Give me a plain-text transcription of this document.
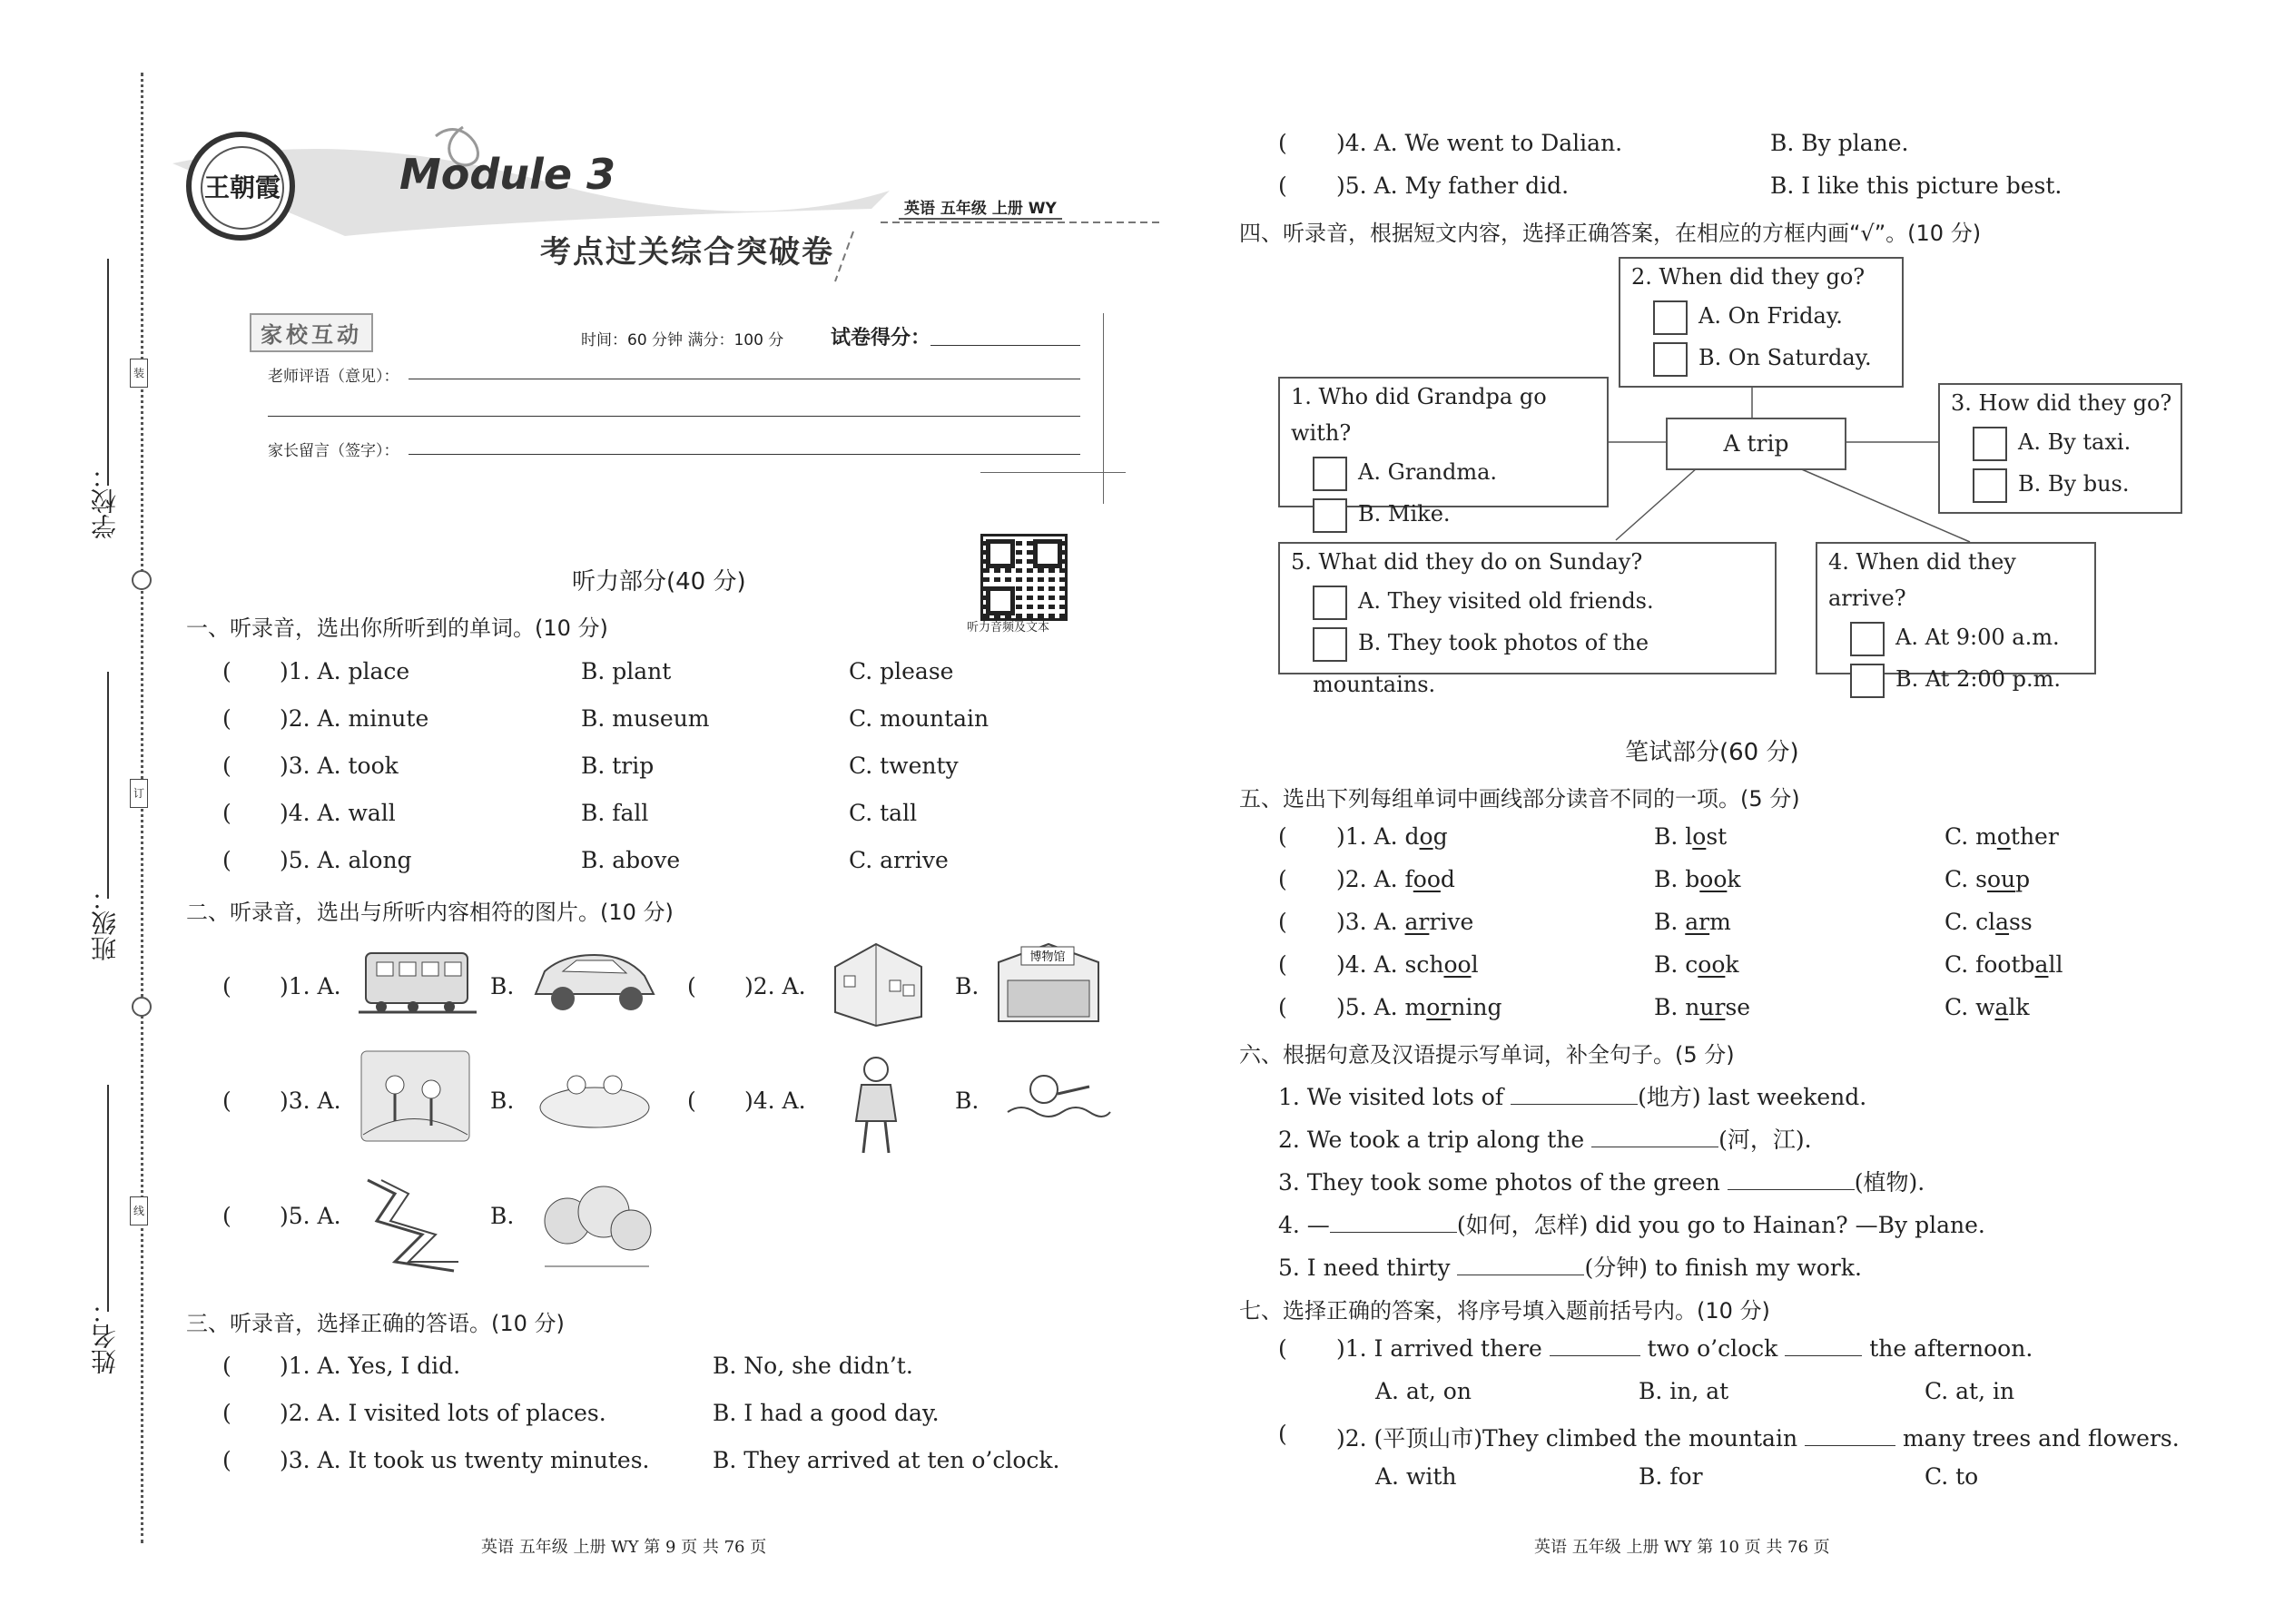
装
订
线
学校：
班级：
姓名：
王朝霞	Module 3
英语 五年级 上册 WY
考点过关综合突破卷
家校互动	时间：60 分钟 满分：100 分 试卷得分：
老师评语（意见）：
家长留言（签字）：
听力音频及文本
听力部分(40 分)
一、听录音，选出你所听到的单词。(10 分)
( )1. A. place	B. plant	C. please
( )2. A. minute	B. museum	C. mountain
( )3. A. took	B. trip	C. twenty
( )4. A. wall	B. fall	C. tall
( )5. A. along	B. above	C. arrive
二、听录音，选出与所听内容相符的图片。(10 分)
( )1. A.	B.	( )2. A.	B.
博物馆
( )3. A.	B.	( )4. A.	B.
( )5. A.	B.
三、听录音，选择正确的答语。(10 分)
( )1. A. Yes, I did.	B. No, she didn’t.
( )2. A. I visited lots of places.	B. I had a good day.
( )3. A. It took us twenty minutes.	B. They arrived at ten o’clock.
英语 五年级 上册 WY 第 9 页 共 76 页
( )4. A. We went to Dalian.	B. By plane.
( )5. A. My father did.	B. I like this picture best.
四、听录音，根据短文内容，选择正确答案，在相应的方框内画“√”。(10 分)
A trip
2. When did they go?
A. On Friday.
B. On Saturday.
1. Who did Grandpa go with?
A. Grandma.
B. Mike.
3. How did they go?
A. By taxi.
B. By bus.
5. What did they do on Sunday?
A. They visited old friends.
B. They took photos of the mountains.
4. When did they arrive?
A. At 9:00 a.m.
B. At 2:00 p.m.
笔试部分(60 分)
五、选出下列每组单词中画线部分读音不同的一项。(5 分)
( )1. A. dog	B. lost	C. mother
( )2. A. food	B. book	C. soup
( )3. A. arrive	B. arm	C. class
( )4. A. school	B. cook	C. football
( )5. A. morning	B. nurse	C. walk
六、根据句意及汉语提示写单词，补全句子。(5 分)
1. We visited lots of	(地方) last weekend.
2. We took a trip along the	(河，江).
3. They took some photos of the green	(植物).
4. —	(如何，怎样) did you go to Hainan? —By plane.
5. I need thirty	(分钟) to finish my work.
七、选择正确的答案，将序号填入题前括号内。(10 分)
( )1. I arrived there	two o’clock	the afternoon.
A. at, on	B. in, at	C. at, in
( )2. (平顶山市)They climbed the mountain	many trees and flowers.
A. with	B. for	C. to
英语 五年级 上册 WY 第 10 页 共 76 页
